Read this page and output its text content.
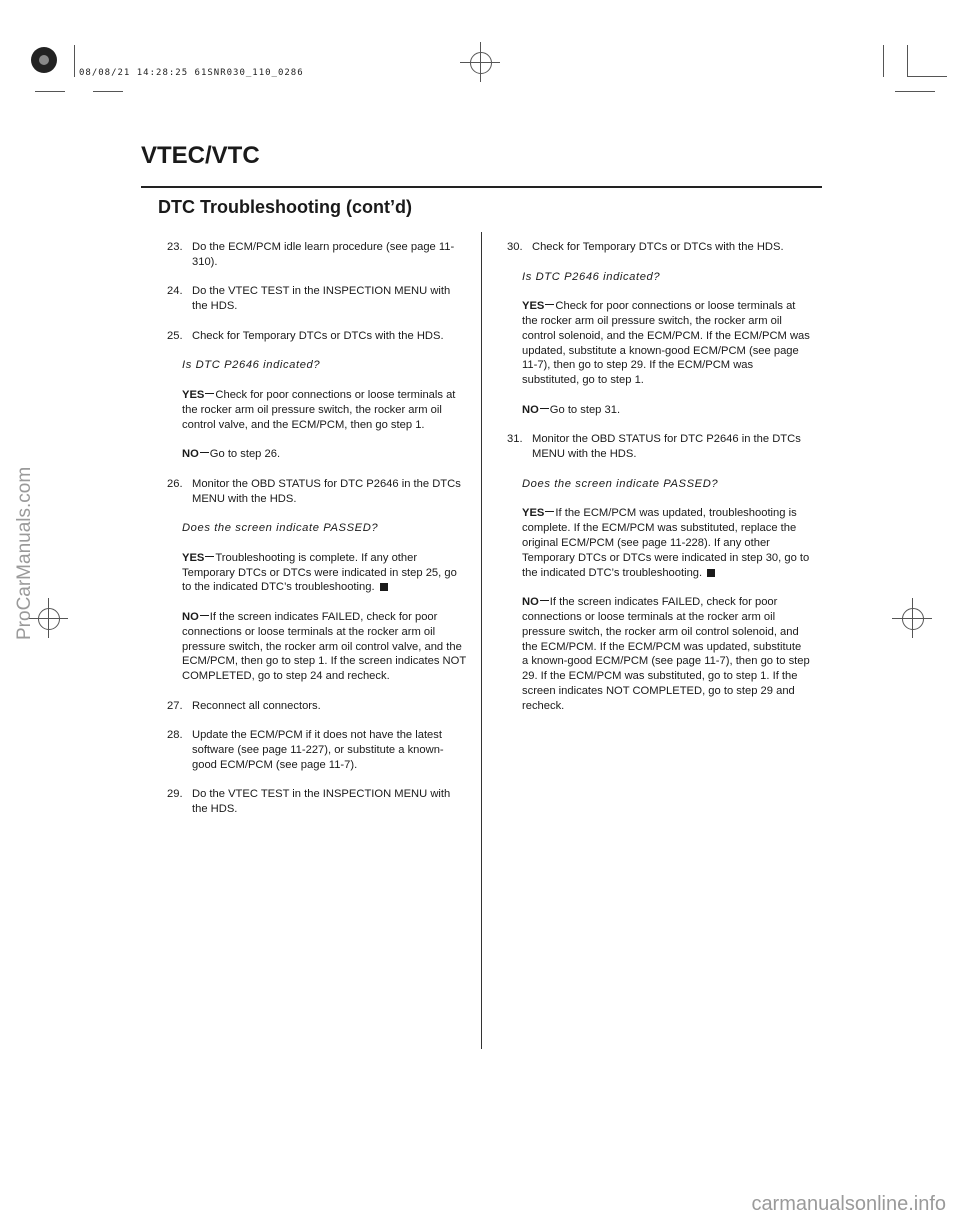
08/08/21 14:28:25 61SNR030_110_0286
ProCarManuals.com
carmanualsonline.info
VTEC/VTC
DTC Troubleshooting (cont’d)

23. Do the ECM/PCM idle learn procedure (see page 11-310).

24. Do the VTEC TEST in the INSPECTION MENU with the HDS.

25. Check for Temporary DTCs or DTCs with the HDS.

Is DTC P2646 indicated?

YES Check for poor connections or loose terminals at the rocker arm oil pressure switch, the rocker arm oil control valve, and the ECM/PCM, then go step 1.

NO Go to step 26.

26. Monitor the OBD STATUS for DTC P2646 in the DTCs MENU with the HDS.

Does the screen indicate PASSED?

YES Troubleshooting is complete. If any other Temporary DTCs or DTCs were indicated in step 25, go to the indicated DTC’s troubleshooting.

NO If the screen indicates FAILED, check for poor connections or loose terminals at the rocker arm oil pressure switch, the rocker arm oil control valve, and the ECM/PCM, then go to step 1. If the screen indicates NOT COMPLETED, go to step 24 and recheck.

27. Reconnect all connectors.

28. Update the ECM/PCM if it does not have the latest software (see page 11-227), or substitute a known-good ECM/PCM (see page 11-7).

29. Do the VTEC TEST in the INSPECTION MENU with the HDS.

30. Check for Temporary DTCs or DTCs with the HDS.

Is DTC P2646 indicated?

YES Check for poor connections or loose terminals at the rocker arm oil pressure switch, the rocker arm oil control solenoid, and the ECM/PCM. If the ECM/PCM was updated, substitute a known-good ECM/PCM (see page 11-7), then go to step 29. If the ECM/PCM was substituted, go to step 1.

NO Go to step 31.

31. Monitor the OBD STATUS for DTC P2646 in the DTCs MENU with the HDS.

Does the screen indicate PASSED?

YES If the ECM/PCM was updated, troubleshooting is complete. If the ECM/PCM was substituted, replace the original ECM/PCM (see page 11-228). If any other Temporary DTCs or DTCs were indicated in step 30, go to the indicated DTC’s troubleshooting.

NO If the screen indicates FAILED, check for poor connections or loose terminals at the rocker arm oil pressure switch, the rocker arm oil control solenoid, and the ECM/PCM. If the ECM/PCM was updated, substitute a known-good ECM/PCM (see page 11-7), then go to step 29. If the ECM/PCM was substituted, go to step 1. If the screen indicates NOT COMPLETED, go to step 29 and recheck.
